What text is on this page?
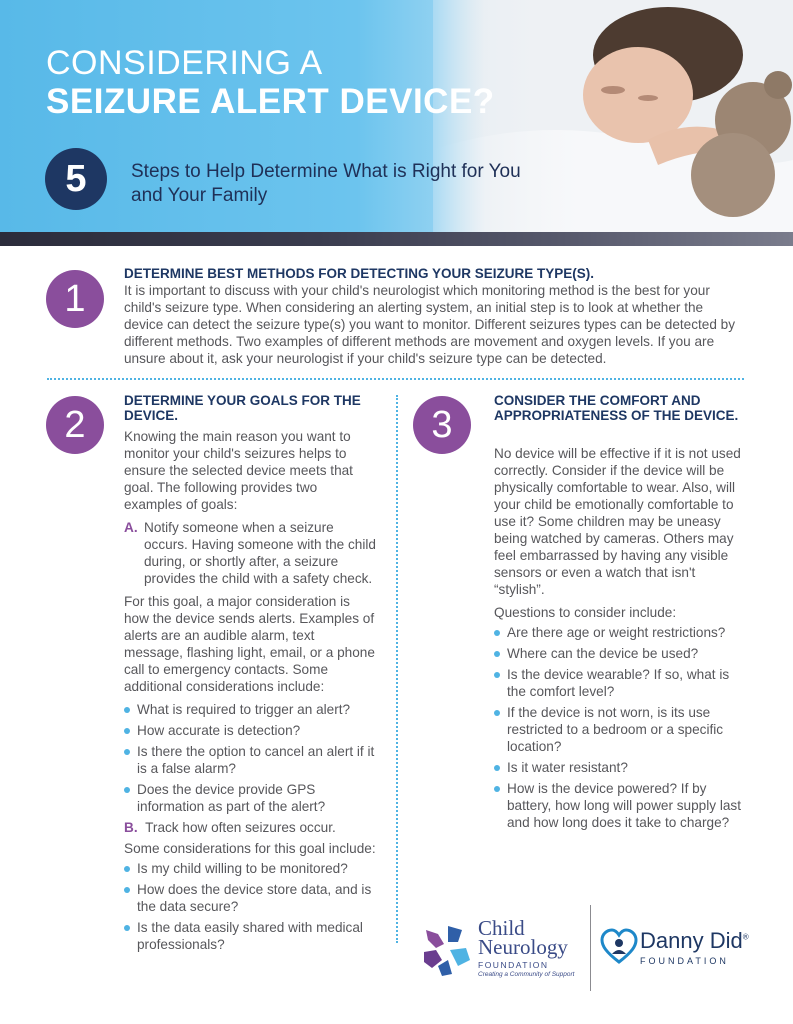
CONSIDERING A
SEIZURE ALERT DEVICE?
5	Steps to Help Determine What is Right for You and Your Family
1
DETERMINE BEST METHODS FOR DETECTING YOUR SEIZURE TYPE(S).

It is important to discuss with your child's neurologist which monitoring method is the best for your child's seizure type. When considering an alerting system, an initial step is to look at whether the device can detect the seizure type(s) you want to monitor. Different seizures types can be detected by different methods. Two examples of different methods are movement and oxygen levels. If you are unsure about it, ask your neurologist if your child's seizure type can be detected.

2
DETERMINE YOUR GOALS FOR THE DEVICE.

Knowing the main reason you want to monitor your child's seizures helps to ensure the selected device meets that goal. The following provides two examples of goals:

A. Notify someone when a seizure occurs. Having someone with the child during, or shortly after, a seizure provides the child with a safety check.

For this goal, a major consideration is how the device sends alerts. Examples of alerts are an audible alarm, text message, flashing light, email, or a phone call to emergency contacts. Some additional considerations include:

What is required to trigger an alert?
How accurate is detection?
Is there the option to cancel an alert if it is a false alarm?
Does the device provide GPS information as part of the alert?
B. Track how often seizures occur.

Some considerations for this goal include:

Is my child willing to be monitored?
How does the device store data, and is the data secure?
Is the data easily shared with medical professionals?
3
CONSIDER THE COMFORT AND APPROPRIATENESS OF THE DEVICE.

No device will be effective if it is not used correctly. Consider if the device will be physically comfortable to wear. Also, will your child be emotionally comfortable to use it? Some children may be uneasy being watched by cameras. Others may feel embarrassed by having any visible sensors or even a watch that isn't “stylish”.

Questions to consider include:

Are there age or weight restrictions?
Where can the device be used?
Is the device wearable? If so, what is the comfort level?
If the device is not worn, is its use restricted to a bedroom or a specific location?
Is it water resistant?
How is the device powered? If by battery, how long will power supply last and how long does it take to charge?
Child
Neurology
FOUNDATION
Creating a Community of Support
Danny Did®
FOUNDATION
